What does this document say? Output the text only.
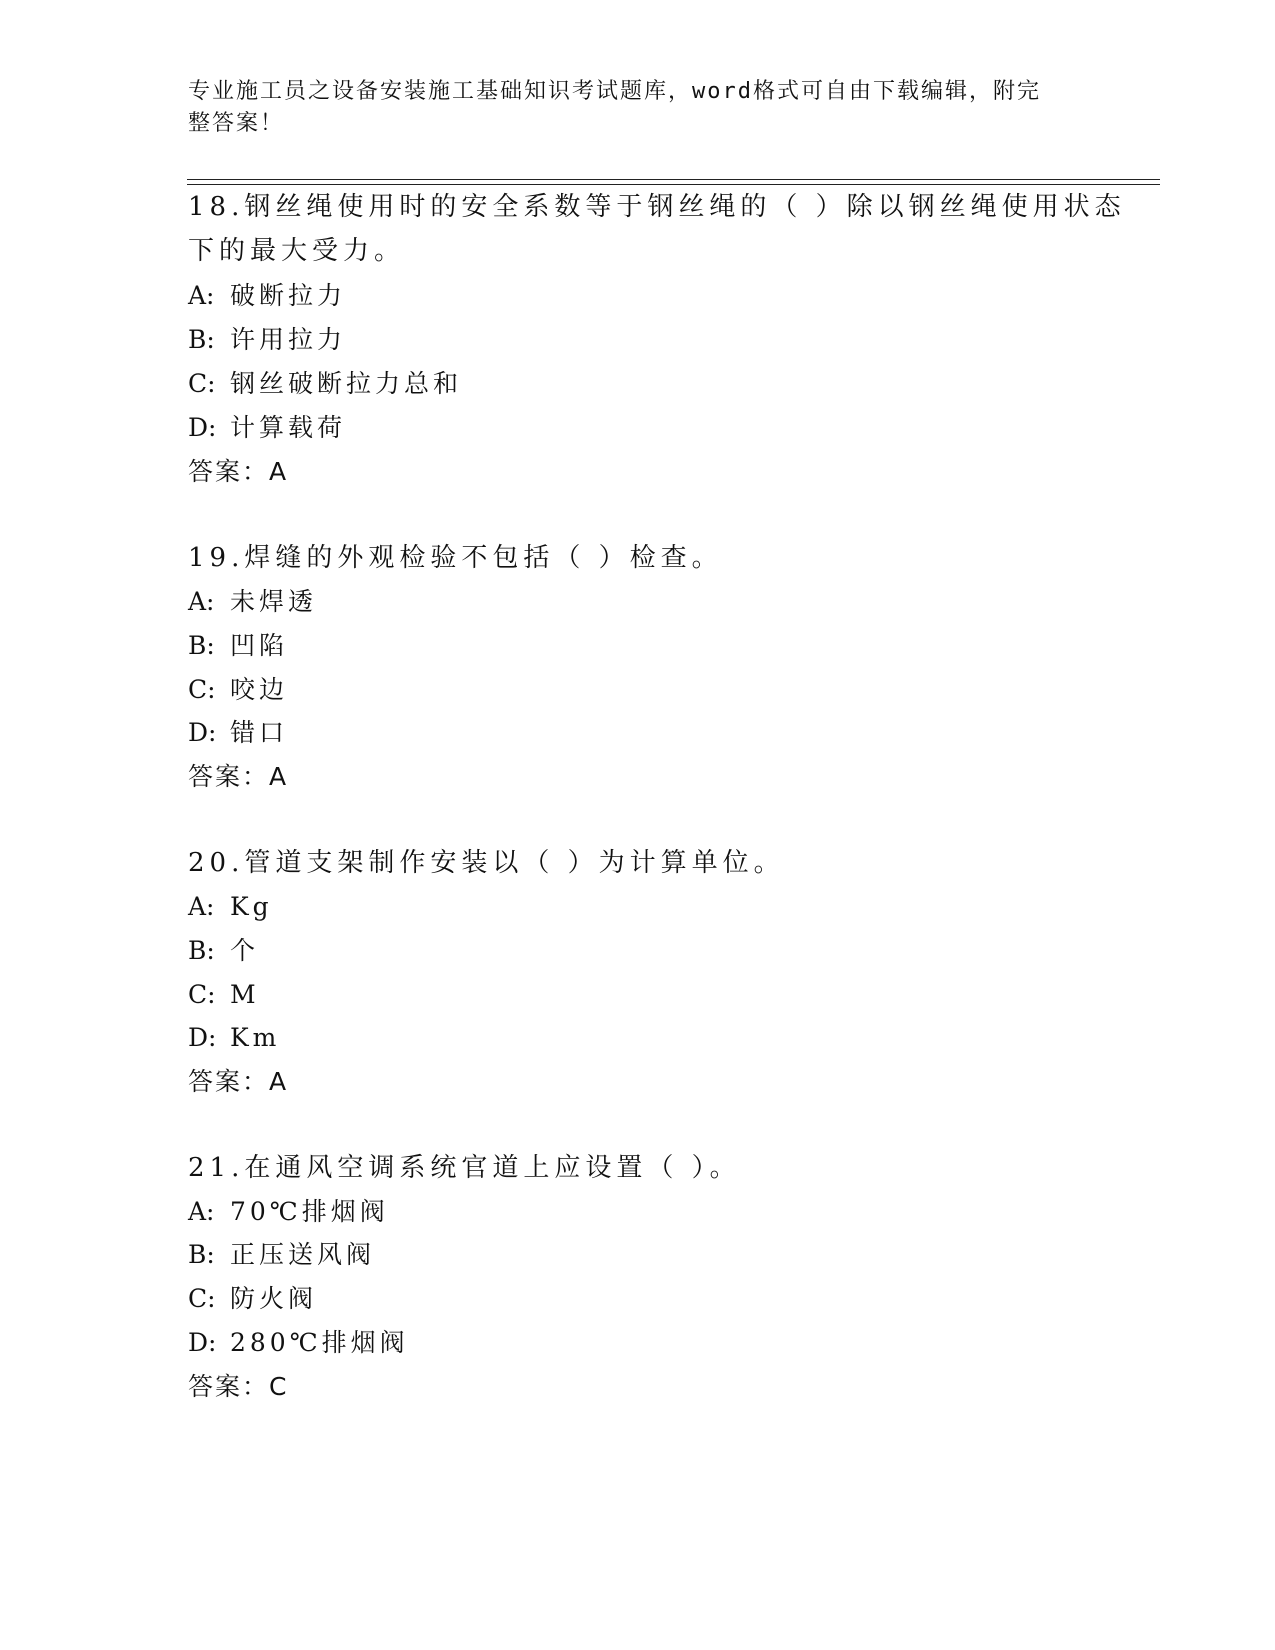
专业施工员之设备安装施工基础知识考试题库，word格式可自由下载编辑，附完
整答案！
18.钢丝绳使用时的安全系数等于钢丝绳的（ ）除以钢丝绳使用状态
下的最大受力。
A: 破断拉力
B: 许用拉力
C: 钢丝破断拉力总和
D: 计算载荷
答案：A
19.焊缝的外观检验不包括（ ）检查。
A: 未焊透
B: 凹陷
C: 咬边
D: 错口
答案：A
20.管道支架制作安装以（ ）为计算单位。
A: Kg
B: 个
C: M
D: Km
答案：A
21.在通风空调系统官道上应设置（ ）。
A: 70℃排烟阀
B: 正压送风阀
C: 防火阀
D: 280℃排烟阀
答案：C
